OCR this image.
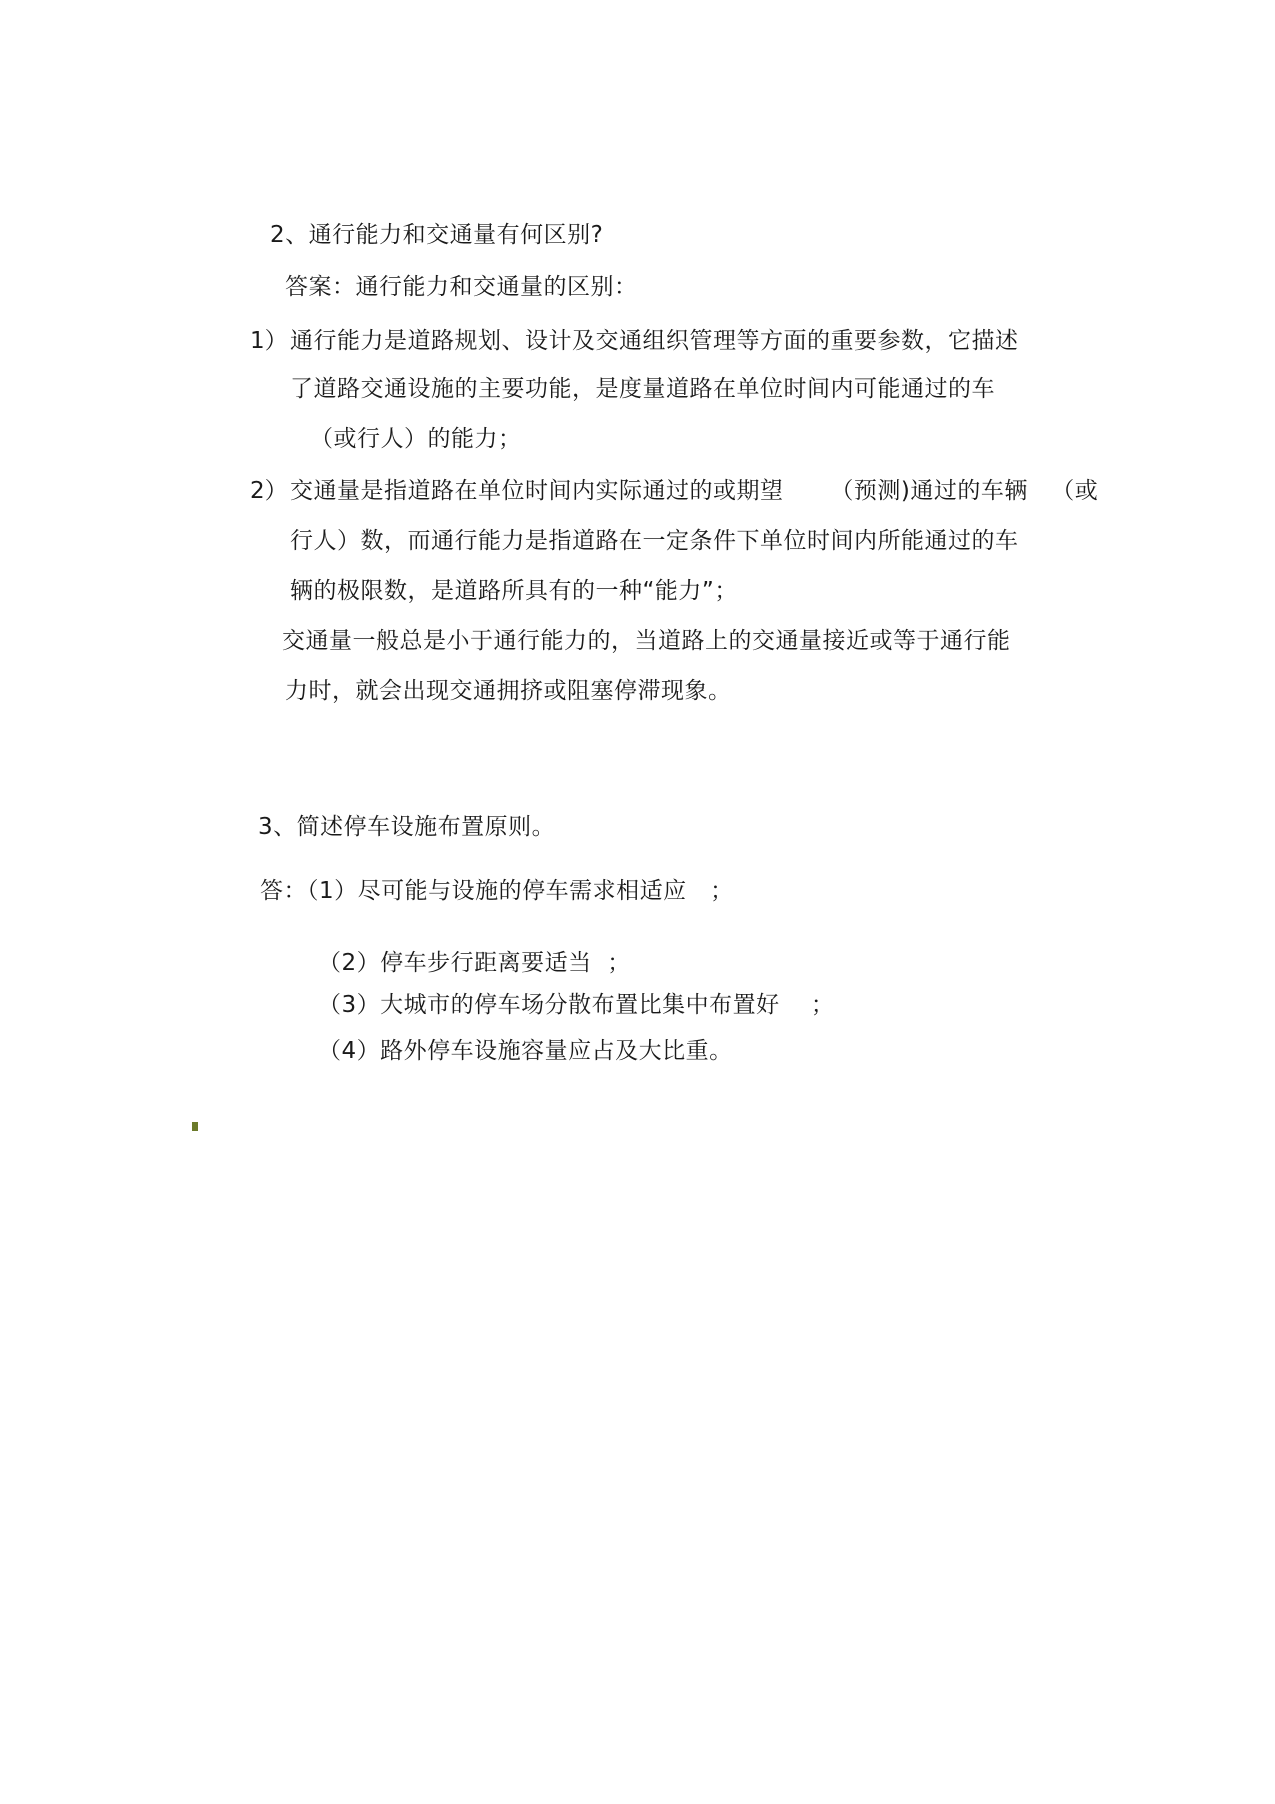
2、通行能力和交通量有何区别?
答案：通行能力和交通量的区别：
1） 通行能力是道路规划、设计及交通组织管理等方面的重要参数，它描述
了道路交通设施的主要功能，是度量道路在单位时间内可能通过的车
（或行人）的能力；
2） 交通量是指道路在单位时间内实际通过的或期望      （预测)通过的车辆   （或
行人）数，而通行能力是指道路在一定条件下单位时间内所能通过的车
辆的极限数，是道路所具有的一种“能力”；
交通量一般总是小于通行能力的，当道路上的交通量接近或等于通行能
力时，就会出现交通拥挤或阻塞停滞现象。
3、简述停车设施布置原则。
答：（1）尽可能与设施的停车需求相适应   ；
（2）停车步行距离要适当  ；
（3）大城市的停车场分散布置比集中布置好    ；
（4）路外停车设施容量应占及大比重。
